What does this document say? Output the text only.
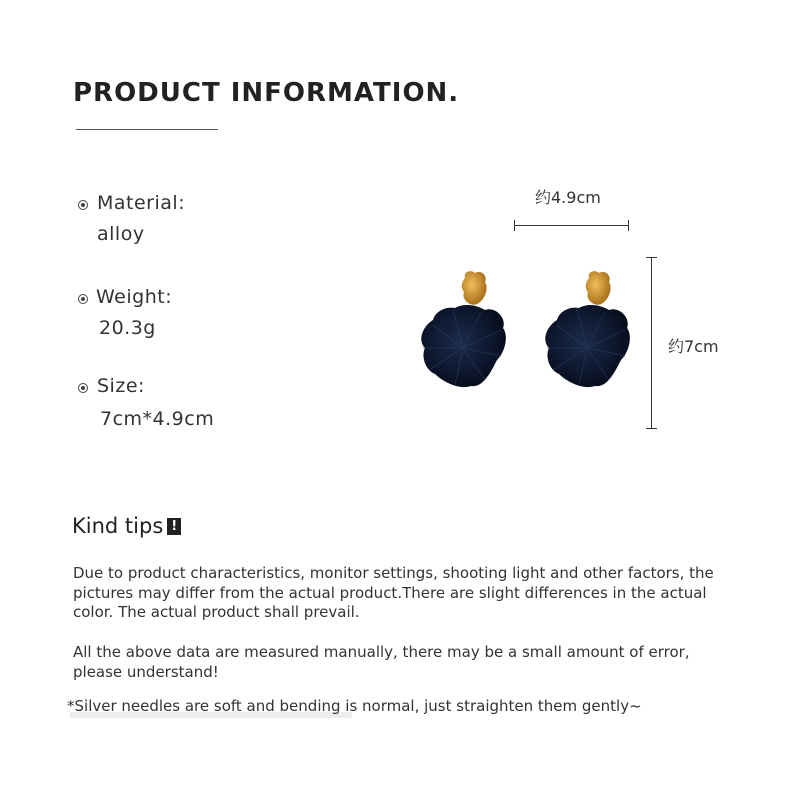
PRODUCT INFORMATION.
Material:
alloy
Weight:
20.3g
Size:
7cm*4.9cm
约4.9cm
约7cm
Kind tips !
Due to product characteristics, monitor settings, shooting light and other factors, the pictures may differ from the actual product.There are slight differences in the actual color. The actual product shall prevail.
All the above data are measured manually, there may be a small amount of error, please understand!
*Silver needles are soft and bending is normal, just straighten them gently~
